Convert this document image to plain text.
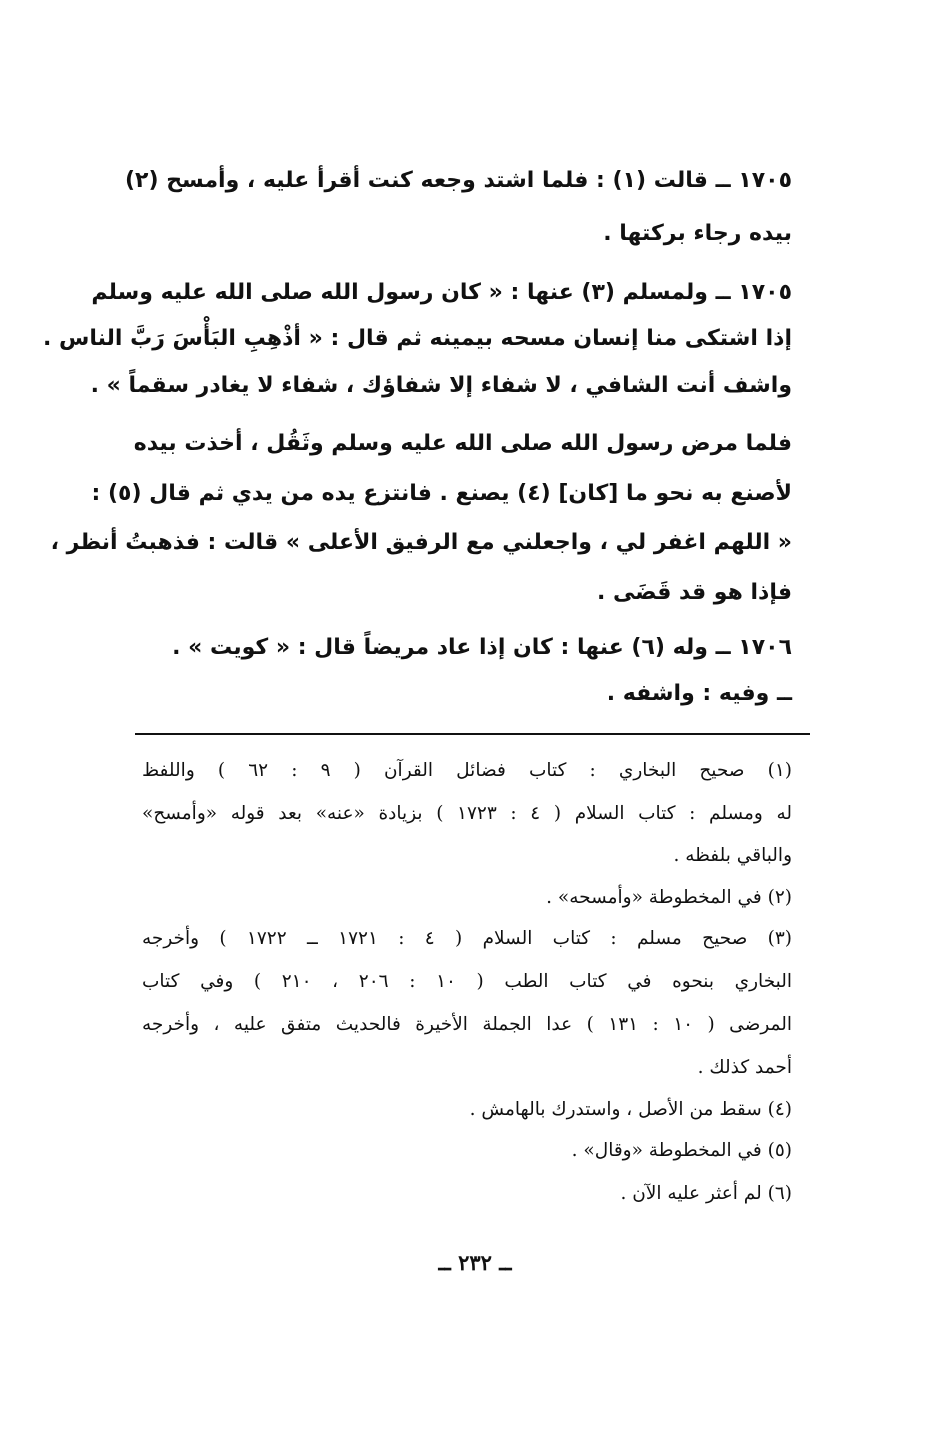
١٧٠٥ ــ قالت (١) : فلما اشتد وجعه كنت أقرأ عليه ، وأمسح (٢)
بيده رجاء بركتها .
١٧٠٥ ــ ولمسلم (٣) عنها : « كان رسول الله صلى الله عليه وسلم
إذا اشتكى منا إنسان مسحه بيمينه ثم قال : « أذْهِبِ البَأْسَ رَبَّ الناس .
واشف أنت الشافي ، لا شفاء إلا شفاؤك ، شفاء لا يغادر سقماً » .
فلما مرض رسول الله صلى الله عليه وسلم وثَقُل ، أخذت بيده
لأصنع به نحو ما [كان] (٤) يصنع . فانتزع يده من يدي ثم قال (٥) :
« اللهم اغفر لي ، واجعلني مع الرفيق الأعلى » قالت : فذهبتُ أنظر ،
فإذا هو قد قَضَى .
١٧٠٦ ــ وله (٦) عنها : كان إذا عاد مريضاً قال : « كويت » .
ــ وفيه : واشفه .
(١) صحيح البخاري : كتاب فضائل القرآن ( ٩ : ٦٢ ) واللفظ
له ومسلم : كتاب السلام ( ٤ : ١٧٢٣ ) بزيادة «عنه» بعد قوله «وأمسح»
والباقي بلفظه .
(٢) في المخطوطة «وأمسحه» .
(٣) صحيح مسلم : كتاب السلام ( ٤ : ١٧٢١ ــ ١٧٢٢ ) وأخرجه
البخاري بنحوه في كتاب الطب ( ١٠ : ٢٠٦ ، ٢١٠ ) وفي كتاب
المرضى ( ١٠ : ١٣١ ) عدا الجملة الأخيرة فالحديث متفق عليه ، وأخرجه
أحمد كذلك .
(٤) سقط من الأصل ، واستدرك بالهامش .
(٥) في المخطوطة «وقال» .
(٦) لم أعثر عليه الآن .
ــ ٢٣٢ ــ
